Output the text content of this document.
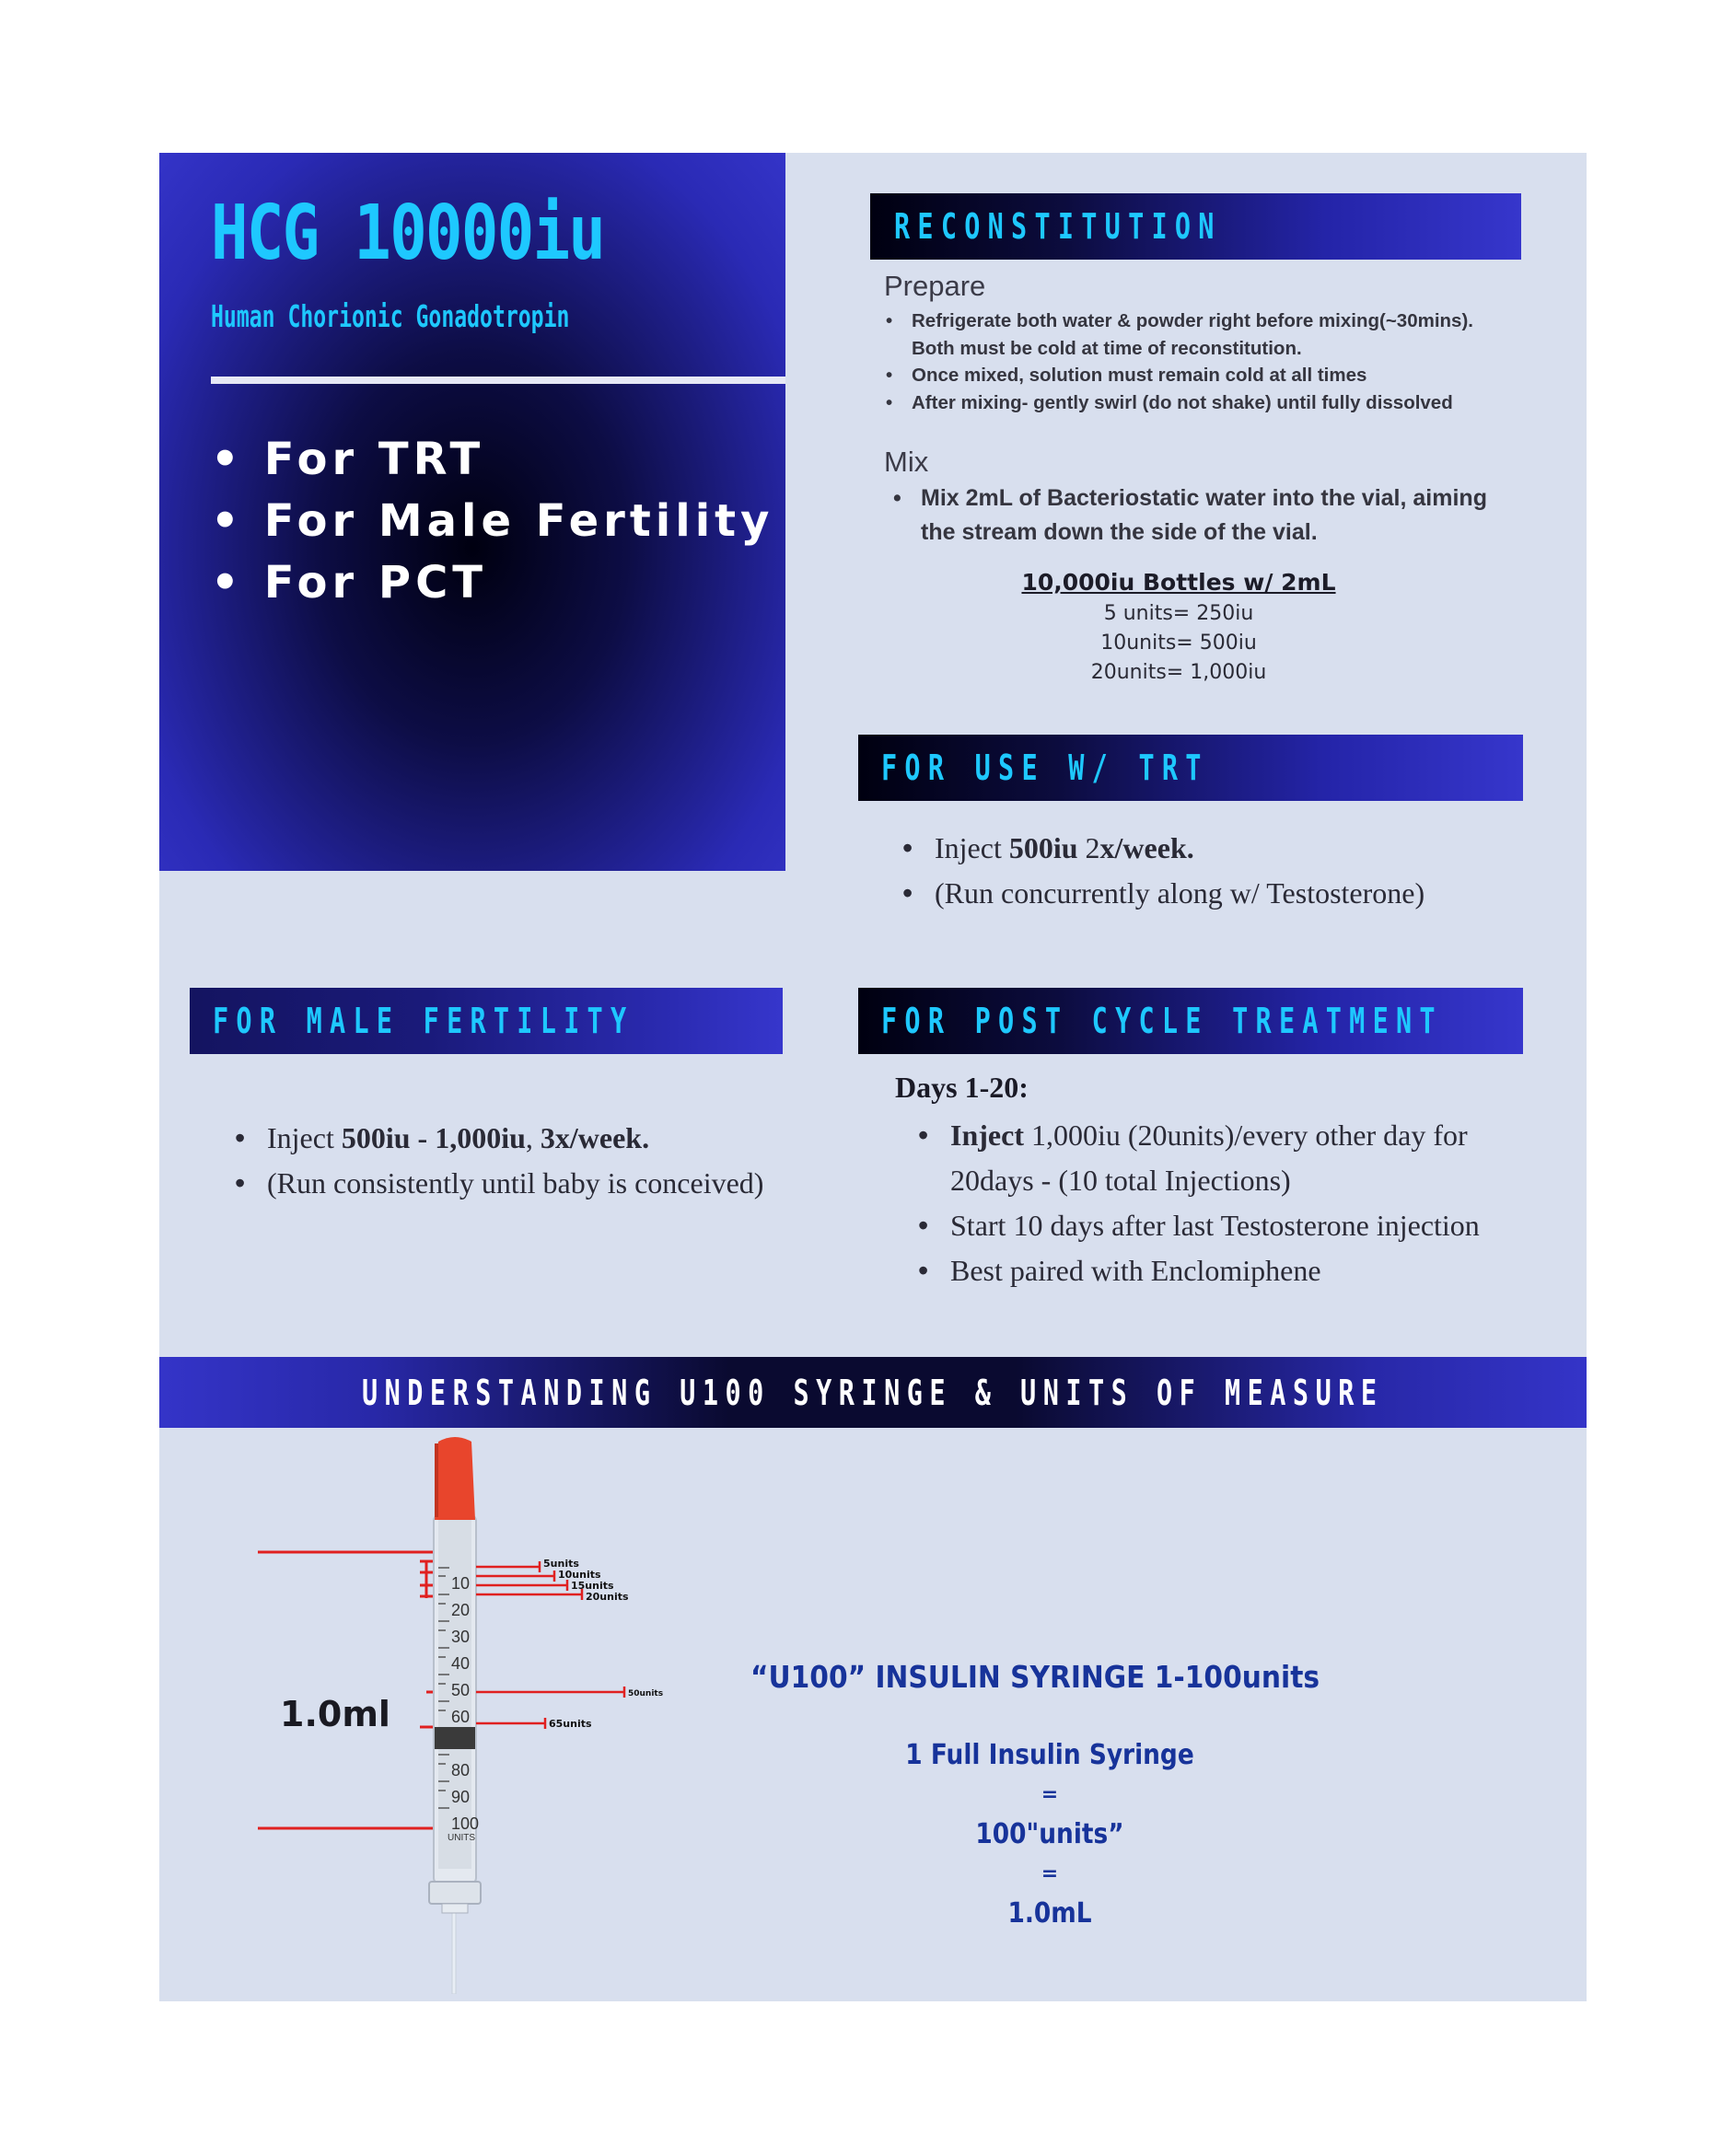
HCG 10000iu
Human Chorionic Gonadotropin
• For TRT
• For Male Fertility
• For PCT
RECONSTITUTION
Prepare
• Refrigerate both water & powder right before mixing(~30mins). Both must be cold at time of reconstitution.
• Once mixed, solution must remain cold at all times
• After mixing- gently swirl (do not shake) until fully dissolved
Mix
• Mix 2mL of Bacteriostatic water into the vial, aiming the stream down the side of the vial.
10,000iu Bottles w/ 2mL
5 units= 250iu
10units= 500iu
20units= 1,000iu
FOR USE W/ TRT
• Inject 500iu 2x/week.
• (Run concurrently along w/ Testosterone)
FOR MALE FERTILITY
• Inject 500iu - 1,000iu, 3x/week.
• (Run consistently until baby is conceived)
FOR POST CYCLE TREATMENT
Days 1-20:
• Inject 1,000iu (20units)/every other day for 20days - (10 total Injections)
• Start 10 days after last Testosterone injection
• Best paired with Enclomiphene
UNDERSTANDING U100 SYRINGE & UNITS OF MEASURE
10
20
30
40
50
60
80
90
100
UNITS
5units
10units
15units
20units
50units
65units
1.0ml
“U100” INSULIN SYRINGE 1-100units
1 Full Insulin Syringe
=
100"units”
=
1.0mL
